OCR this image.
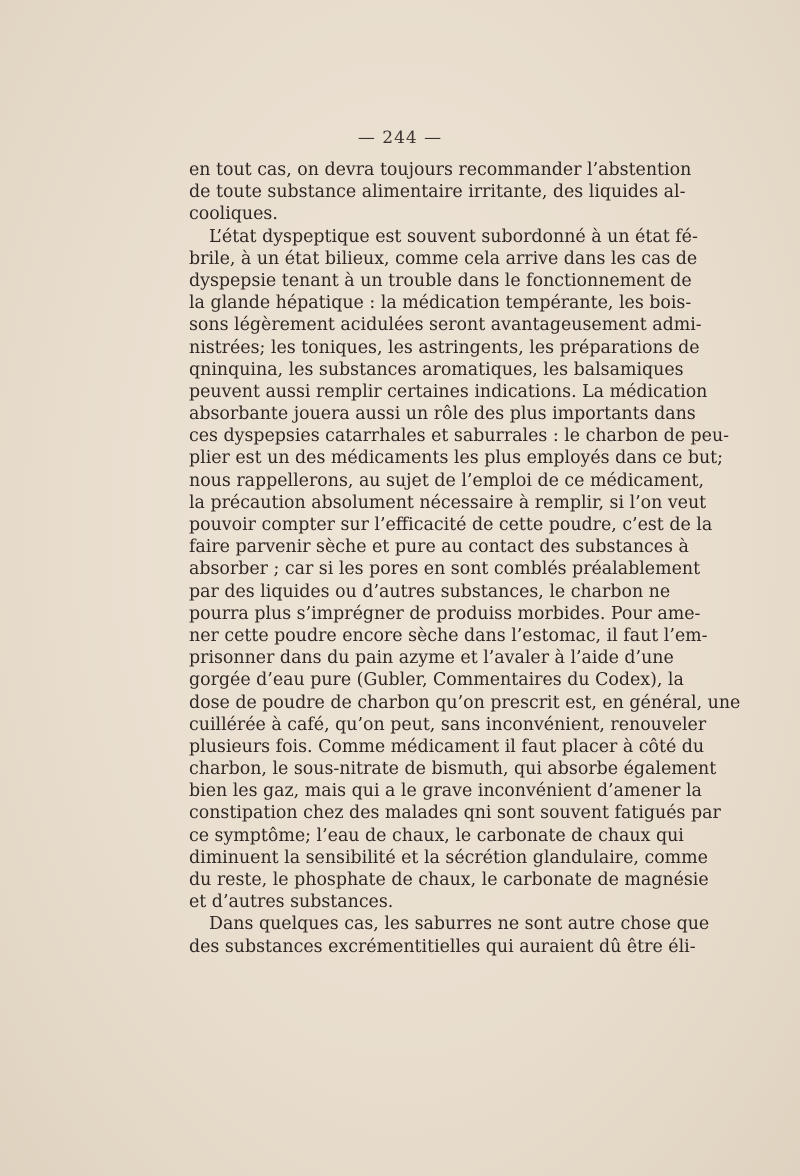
— 244 —
en tout cas, on devra toujours recommander l’abstention
de toute substance alimentaire irritante, des liquides al-
cooliques.
L’état dyspeptique est souvent subordonné à un état fé-
brile, à un état bilieux, comme cela arrive dans les cas de
dyspepsie tenant à un trouble dans le fonctionnement de
la glande hépatique : la médication tempérante, les bois-
sons légèrement acidulées seront avantageusement admi-
nistrées; les toniques, les astringents, les préparations de
qninquina, les substances aromatiques, les balsamiques
peuvent aussi remplir certaines indications. La médication
absorbante jouera aussi un rôle des plus importants dans
ces dyspepsies catarrhales et saburrales : le charbon de peu-
plier est un des médicaments les plus employés dans ce but;
nous rappellerons, au sujet de l’emploi de ce médicament,
la précaution absolument nécessaire à remplir, si l’on veut
pouvoir compter sur l’efficacité de cette poudre, c’est de la
faire parvenir sèche et pure au contact des substances à
absorber ; car si les pores en sont comblés préalablement
par des liquides ou d’autres substances, le charbon ne
pourra plus s’imprégner de produiss morbides. Pour ame-
ner cette poudre encore sèche dans l’estomac, il faut l’em-
prisonner dans du pain azyme et l’avaler à l’aide d’une
gorgée d’eau pure (Gubler, Commentaires du Codex), la
dose de poudre de charbon qu’on prescrit est, en général, une
cuillérée à café, qu’on peut, sans inconvénient, renouveler
plusieurs fois. Comme médicament il faut placer à côté du
charbon, le sous-nitrate de bismuth, qui absorbe également
bien les gaz, mais qui a le grave inconvénient d’amener la
constipation chez des malades qni sont souvent fatigués par
ce symptôme; l’eau de chaux, le carbonate de chaux qui
diminuent la sensibilité et la sécrétion glandulaire, comme
du reste, le phosphate de chaux, le carbonate de magnésie
et d’autres substances.
Dans quelques cas, les saburres ne sont autre chose que
des substances excrémentitielles qui auraient dû être éli-
